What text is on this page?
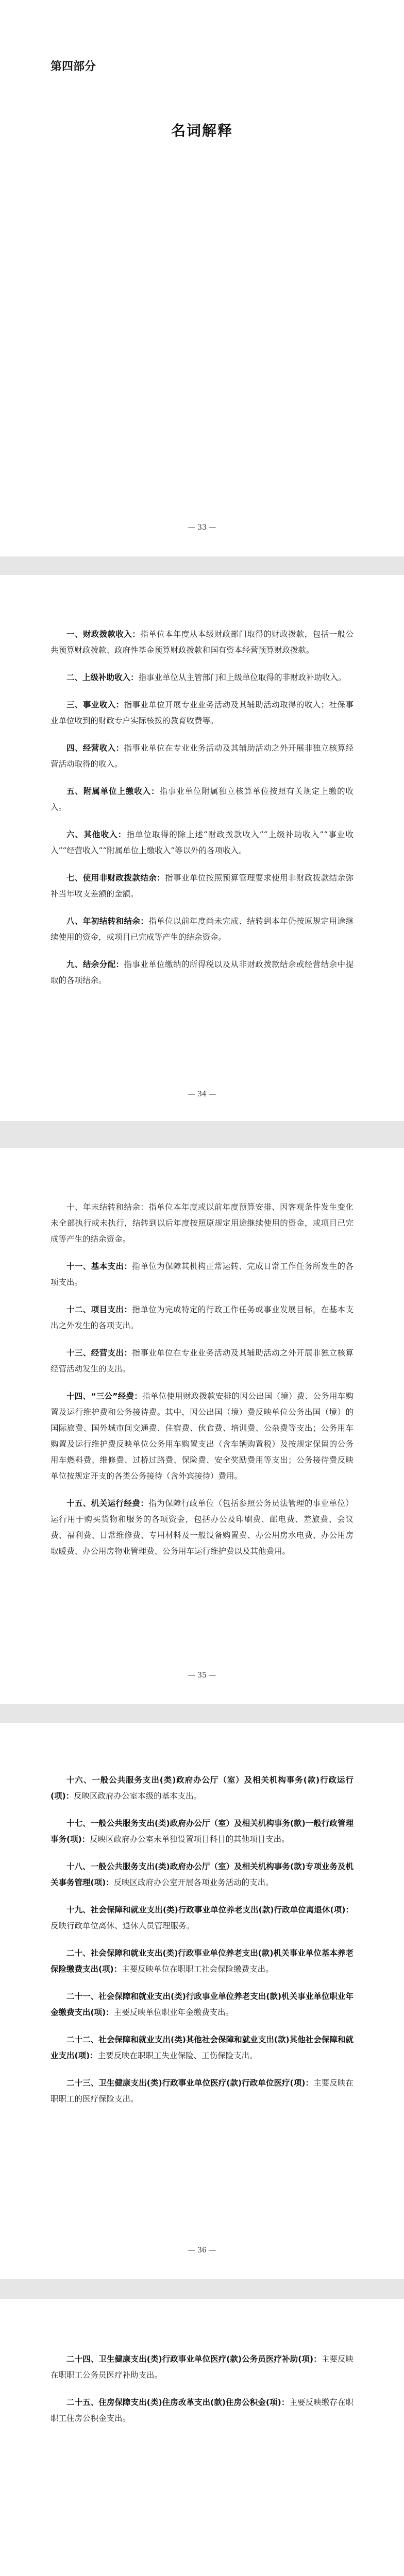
第四部分
名词解释
— 33 —

一、财政拨款收入：指单位本年度从本级财政部门取得的财政拨款，包括一般公共预算财政拨款、政府性基金预算财政拨款和国有资本经营预算财政拨款。

二、上级补助收入：指事业单位从主管部门和上级单位取得的非财政补助收入。

三、事业收入：指事业单位开展专业业务活动及其辅助活动取得的收入；社保事业单位收到的财政专户实际核拨的教育收费等。

四、经营收入：指事业单位在专业业务活动及其辅助活动之外开展非独立核算经营活动取得的收入。

五、附属单位上缴收入：指事业单位附属独立核算单位按照有关规定上缴的收入。

六、其他收入：指单位取得的除上述“财政拨款收入”“上级补助收入”“事业收入”“经营收入”“附属单位上缴收入”等以外的各项收入。

七、使用非财政拨款结余：指事业单位按照预算管理要求使用非财政拨款结余弥补当年收支差额的金额。

八、年初结转和结余：指单位以前年度尚未完成、结转到本年仍按原规定用途继续使用的资金，或项目已完成等产生的结余资金。

九、结余分配：指事业单位缴纳的所得税以及从非财政拨款结余或经营结余中提取的各项结余。

— 34 —

十、年末结转和结余：指单位本年度或以前年度预算安排、因客观条件发生变化未全部执行或未执行，结转到以后年度按照原规定用途继续使用的资金，或项目已完成等产生的结余资金。

十一、基本支出：指单位为保障其机构正常运转、完成日常工作任务所发生的各项支出。

十二、项目支出：指单位为完成特定的行政工作任务或事业发展目标，在基本支出之外发生的各项支出。

十三、经营支出：指事业单位在专业业务活动及其辅助活动之外开展非独立核算经营活动发生的支出。

十四、“三公”经费：指单位使用财政拨款安排的因公出国（境）费、公务用车购置及运行维护费和公务接待费。其中，因公出国（境）费反映单位公务出国（境）的国际旅费、国外城市间交通费、住宿费、伙食费、培训费、公杂费等支出；公务用车购置及运行维护费反映单位公务用车购置支出（含车辆购置税）及按规定保留的公务用车燃料费、维修费、过桥过路费、保险费、安全奖励费用等支出；公务接待费反映单位按规定开支的各类公务接待（含外宾接待）费用。

十五、机关运行经费：指为保障行政单位（包括参照公务员法管理的事业单位）运行用于购买货物和服务的各项资金，包括办公及印刷费、邮电费、差旅费、会议费、福利费、日常维修费、专用材料及一般设备购置费、办公用房水电费、办公用房取暖费、办公用房物业管理费、公务用车运行维护费以及其他费用。

— 35 —

十六、一般公共服务支出(类)政府办公厅（室）及相关机构事务(款)行政运行(项)：反映区政府办公室本级的基本支出。

十七、一般公共服务支出(类)政府办公厅（室）及相关机构事务(款)一般行政管理事务(项)：反映区政府办公室未单独设置项目科目的其他项目支出。

十八、一般公共服务支出(类)政府办公厅（室）及相关机构事务(款)专项业务及机关事务管理(项)：反映区政府办公室开展各项业务活动的支出。

十九、社会保障和就业支出(类)行政事业单位养老支出(款)行政单位离退休(项)：反映行政单位离休、退休人员管理服务。

二十、社会保障和就业支出(类)行政事业单位养老支出(款)机关事业单位基本养老保险缴费支出(项)：主要反映单位在职职工社会保险缴费支出。

二十一、社会保障和就业支出(类)行政事业单位养老支出(款)机关事业单位职业年金缴费支出(项)：主要反映单位职业年金缴费支出。

二十二、社会保障和就业支出(类)其他社会保障和就业支出(款)其他社会保障和就业支出(项)：主要反映在职职工失业保险、工伤保险支出。

二十三、卫生健康支出(类)行政事业单位医疗(款)行政单位医疗(项)：主要反映在职职工的医疗保险支出。

— 36 —

二十四、卫生健康支出(类)行政事业单位医疗(款)公务员医疗补助(项)：主要反映在职职工公务员医疗补助支出。

二十五、住房保障支出(类)住房改革支出(款)住房公积金(项)：主要反映缴存在职职工住房公积金支出。
